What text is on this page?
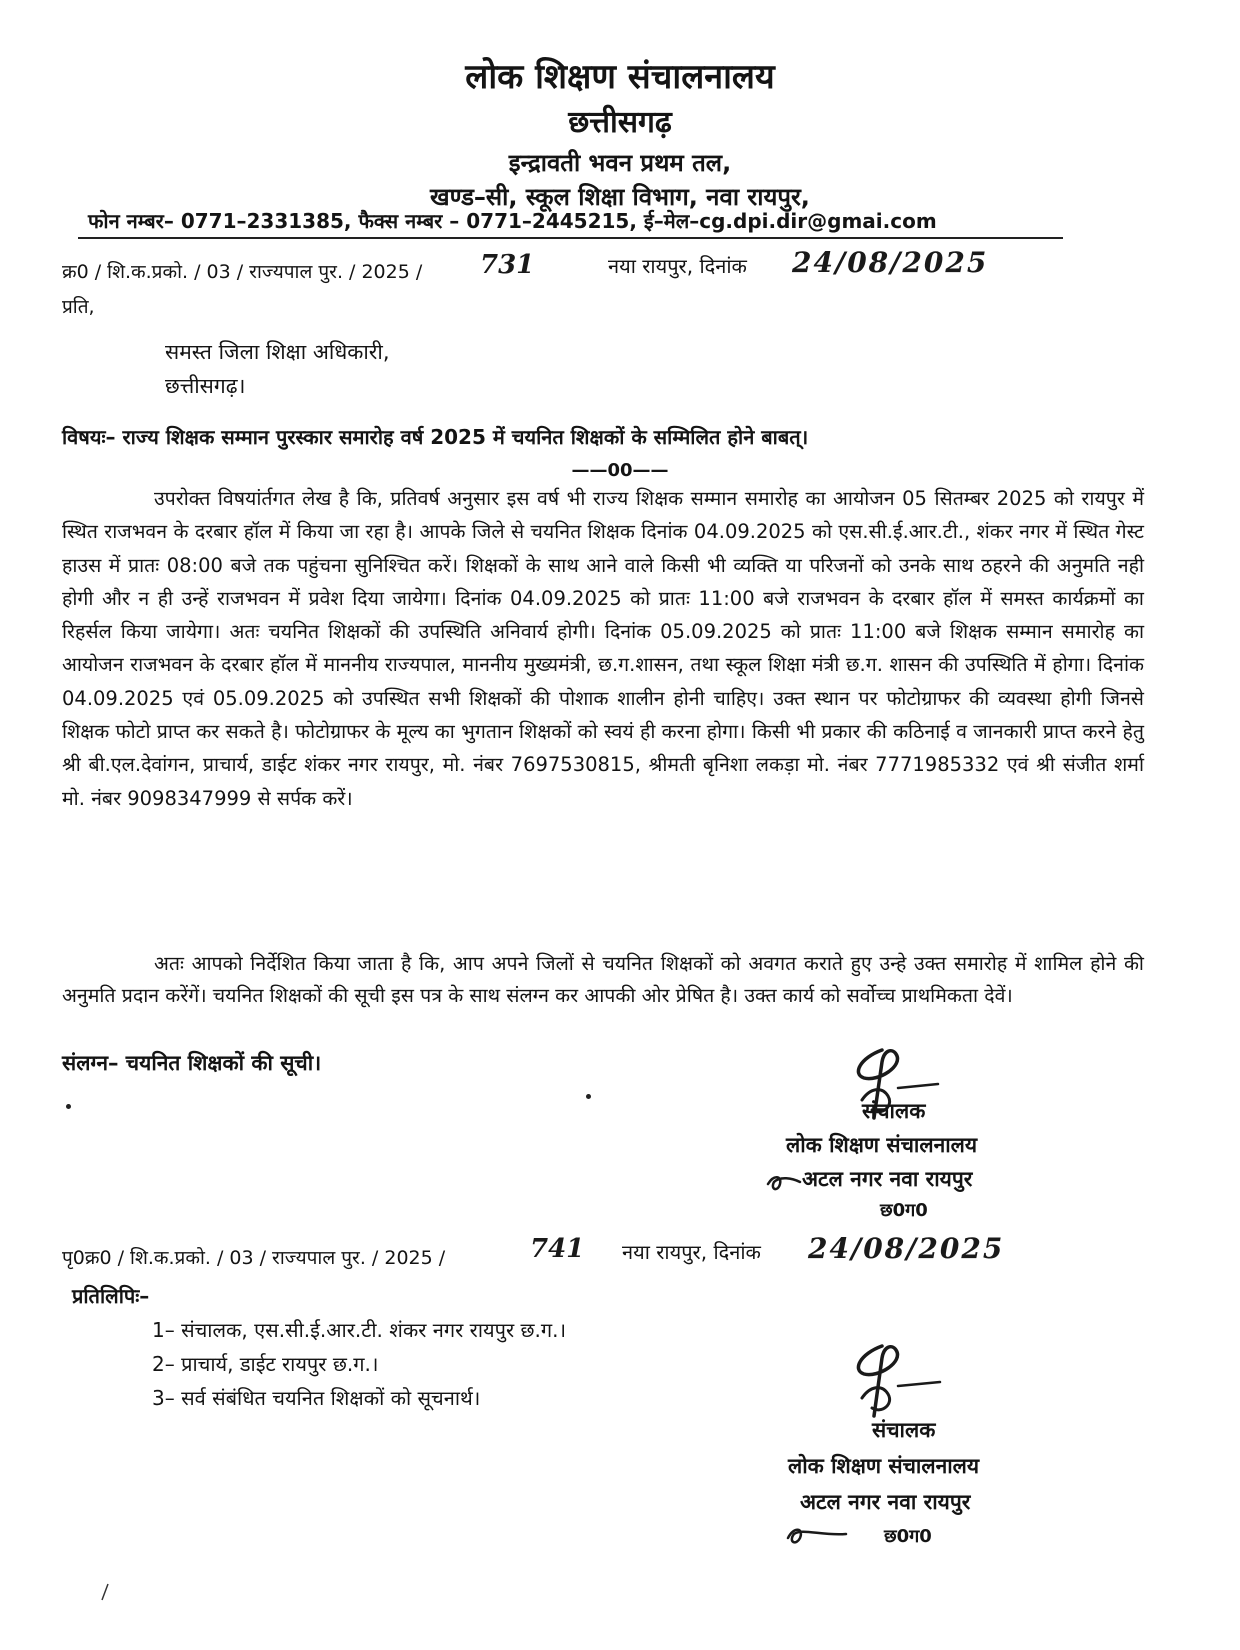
लोक शिक्षण संचालनालय
छत्तीसगढ़
इन्द्रावती भवन प्रथम तल,
खण्ड–सी, स्कूल शिक्षा विभाग, नवा रायपुर,
फोन नम्बर– 0771–2331385, फैक्स नम्बर – 0771–2445215, ई–मेल–cg.dpi.dir@gmai.com
क्र0 / शि.क.प्रको. / 03 / राज्यपाल पुर. / 2025 / 731	नया रायपुर, दिनांक 24/08/2025
प्रति,
समस्त जिला शिक्षा अधिकारी,
छत्तीसगढ़।
विषयः– राज्य शिक्षक सम्मान पुरस्कार समारोह वर्ष 2025 में चयनित शिक्षकों के सम्मिलित होने बाबत्।
——00——

उपरोक्त विषयांर्तगत लेख है कि, प्रतिवर्ष अनुसार इस वर्ष भी राज्य शिक्षक सम्मान समारोह का आयोजन 05 सितम्बर 2025 को रायपुर में स्थित राजभवन के दरबार हॉल में किया जा रहा है। आपके जिले से चयनित शिक्षक दिनांक 04.09.2025 को एस.सी.ई.आर.टी., शंकर नगर में स्थित गेस्ट हाउस में प्रातः 08:00 बजे तक पहुंचना सुनिश्चित करें। शिक्षकों के साथ आने वाले किसी भी व्यक्ति या परिजनों को उनके साथ ठहरने की अनुमति नही होगी और न ही उन्हें राजभवन में प्रवेश दिया जायेगा। दिनांक 04.09.2025 को प्रातः 11:00 बजे राजभवन के दरबार हॉल में समस्त कार्यक्रमों का रिहर्सल किया जायेगा। अतः चयनित शिक्षकों की उपस्थिति अनिवार्य होगी। दिनांक 05.09.2025 को प्रातः 11:00 बजे शिक्षक सम्मान समारोह का आयोजन राजभवन के दरबार हॉल में माननीय राज्यपाल, माननीय मुख्यमंत्री, छ.ग.शासन, तथा स्कूल शिक्षा मंत्री छ.ग. शासन की उपस्थिति में होगा। दिनांक 04.09.2025 एवं 05.09.2025 को उपस्थित सभी शिक्षकों की पोशाक शालीन होनी चाहिए। उक्त स्थान पर फोटोग्राफर की व्यवस्था होगी जिनसे शिक्षक फोटो प्राप्त कर सकते है। फोटोग्राफर के मूल्य का भुगतान शिक्षकों को स्वयं ही करना होगा। किसी भी प्रकार की कठिनाई व जानकारी प्राप्त करने हेतु श्री बी.एल.देवांगन, प्राचार्य, डाईट शंकर नगर रायपुर, मो. नंबर 7697530815, श्रीमती बृनिशा लकड़ा मो. नंबर 7771985332 एवं श्री संजीत शर्मा मो. नंबर 9098347999 से सर्पक करें।

अतः आपको निर्देशित किया जाता है कि, आप अपने जिलों से चयनित शिक्षकों को अवगत कराते हुए उन्हे उक्त समारोह में शामिल होने की अनुमति प्रदान करेंगें। चयनित शिक्षकों की सूची इस पत्र के साथ संलग्न कर आपकी ओर प्रेषित है। उक्त कार्य को सर्वोच्च प्राथमिकता देवें।

संलग्न– चयनित शिक्षकों की सूची।
संचालक
लोक शिक्षण संचालनालय
अटल नगर नवा रायपुर
छ0ग0
पृ0क्र0 / शि.क.प्रको. / 03 / राज्यपाल पुर. / 2025 /	741 नया रायपुर, दिनांक 24/08/2025
प्रतिलिपिः–
1– संचालक, एस.सी.ई.आर.टी. शंकर नगर रायपुर छ.ग.।
2– प्राचार्य, डाईट रायपुर छ.ग.।
3– सर्व संबंधित चयनित शिक्षकों को सूचनार्थ।
संचालक
लोक शिक्षण संचालनालय
अटल नगर नवा रायपुर
छ0ग0
